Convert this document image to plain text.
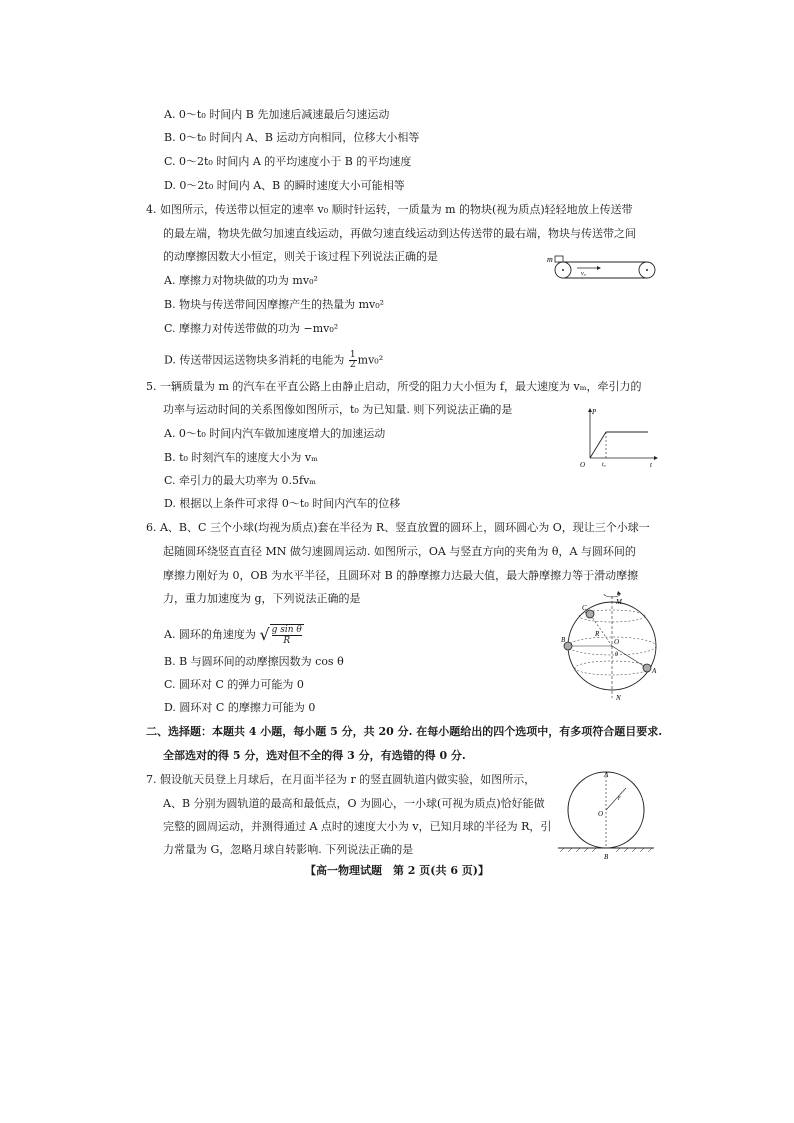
A. 0～t₀ 时间内 B 先加速后减速最后匀速运动
B. 0～t₀ 时间内 A、B 运动方向相同，位移大小相等
C. 0～2t₀ 时间内 A 的平均速度小于 B 的平均速度
D. 0～2t₀ 时间内 A、B 的瞬时速度大小可能相等
4. 如图所示，传送带以恒定的速率 v₀ 顺时针运转，一质量为 m 的物块(视为质点)轻轻地放上传送带
的最左端，物块先做匀加速直线运动，再做匀速直线运动到达传送带的最右端，物块与传送带之间
的动摩擦因数大小恒定，则关于该过程下列说法正确的是
A. 摩擦力对物块做的功为 mv₀²
B. 物块与传送带间因摩擦产生的热量为 mv₀²
C. 摩擦力对传送带做的功为 −mv₀²
D. 传送带因运送物块多消耗的电能为 $\frac{1}{2} mv_0^2$
m
v₀
5. 一辆质量为 m 的汽车在平直公路上由静止启动，所受的阻力大小恒为 f，最大速度为 vₘ，牵引力的
功率与运动时间的关系图像如图所示，t₀ 为已知量. 则下列说法正确的是
A. 0～t₀ 时间内汽车做加速度增大的加速运动
B. t₀ 时刻汽车的速度大小为 vₘ
C. 牵引力的最大功率为 0.5fvₘ
D. 根据以上条件可求得 0～t₀ 时间内汽车的位移
P
t
O	t₀
6. A、B、C 三个小球(均视为质点)套在半径为 R、竖直放置的圆环上，圆环圆心为 O，现让三个小球一
起随圆环绕竖直直径 MN 做匀速圆周运动. 如图所示，OA 与竖直方向的夹角为 θ，A 与圆环间的
摩擦力刚好为 0，OB 为水平半径，且圆环对 B 的静摩擦力达最大值，最大静摩擦力等于滑动摩擦
力，重力加速度为 g，下列说法正确的是
A. 圆环的角速度为 √ $\frac{\text{g sin θ}}{R}$
B. B 与圆环间的动摩擦因数为 cos θ
C. 圆环对 C 的弹力可能为 0
D. 圆环对 C 的摩擦力可能为 0
M
N
C
B
A
O
R
θ
二、选择题：本题共 4 小题，每小题 5 分，共 20 分. 在每小题给出的四个选项中，有多项符合题目要求.
全部选对的得 5 分，选对但不全的得 3 分，有选错的得 0 分.
7. 假设航天员登上月球后，在月面半径为 r 的竖直圆轨道内做实验，如图所示，
A、B 分别为圆轨道的最高和最低点，O 为圆心，一小球(可视为质点)恰好能做
完整的圆周运动，并测得通过 A 点时的速度大小为 v，已知月球的半径为 R，引
力常量为 G，忽略月球自转影响. 下列说法正确的是
A
B
O
r
【高一物理试题　第 2 页(共 6 页)】
